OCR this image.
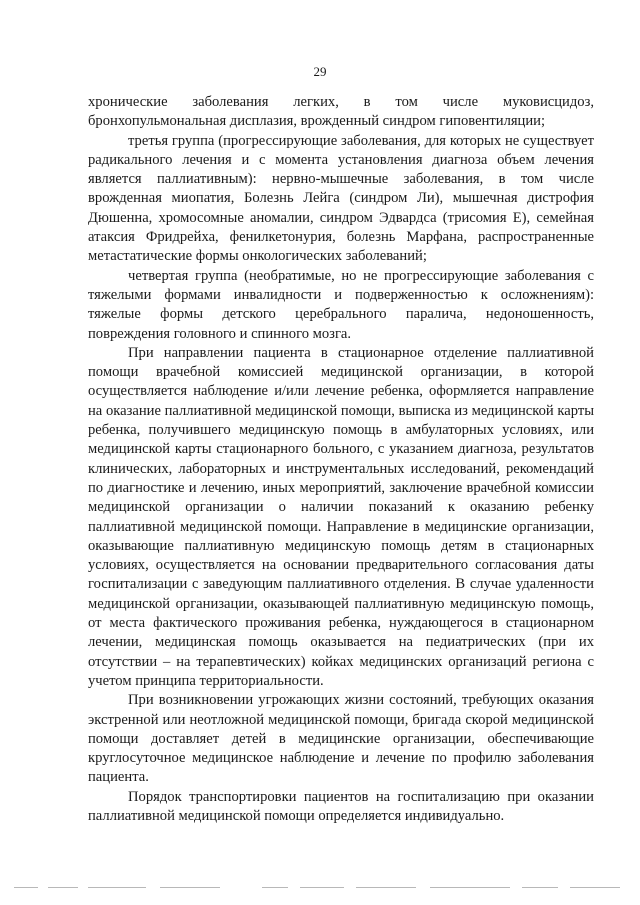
29

хронические заболевания легких, в том числе муковисцидоз, бронхопульмональная дисплазия, врожденный синдром гиповентиляции;

третья группа (прогрессирующие заболевания, для которых не существует радикального лечения и с момента установления диагноза объем лечения является паллиативным): нервно-мышечные заболевания, в том числе врожденная миопатия, Болезнь Лейга (синдром Ли), мышечная дистрофия Дюшенна, хромосомные аномалии, синдром Эдвардса (трисомия Е), семейная атаксия Фридрейха, фенилкетонурия, болезнь Марфана, распространенные метастатические формы онкологических заболеваний;

четвертая группа (необратимые, но не прогрессирующие заболевания с тяжелыми формами инвалидности и подверженностью к осложнениям): тяжелые формы детского церебрального паралича, недоношенность, повреждения головного и спинного мозга.

При направлении пациента в стационарное отделение паллиативной помощи врачебной комиссией медицинской организации, в которой осуществляется наблюдение и/или лечение ребенка, оформляется направление на оказание паллиативной медицинской помощи, выписка из медицинской карты ребенка, получившего медицинскую помощь в амбулаторных условиях, или медицинской карты стационарного больного, с указанием диагноза, результатов клинических, лабораторных и инструментальных исследований, рекомендаций по диагностике и лечению, иных мероприятий, заключение врачебной комиссии медицинской организации о наличии показаний к оказанию ребенку паллиативной медицинской помощи. Направление в медицинские организации, оказывающие паллиативную медицинскую помощь детям в стационарных условиях, осуществляется на основании предварительного согласования даты госпитализации с заведующим паллиативного отделения. В случае удаленности медицинской организации, оказывающей паллиативную медицинскую помощь, от места фактического проживания ребенка, нуждающегося в стационарном лечении, медицинская помощь оказывается на педиатрических (при их отсутствии – на терапевтических) койках медицинских организаций региона с учетом принципа территориальности.

При возникновении угрожающих жизни состояний, требующих оказания экстренной или неотложной медицинской помощи, бригада скорой медицинской помощи доставляет детей в медицинские организации, обеспечивающие круглосуточное медицинское наблюдение и лечение по профилю заболевания пациента.

Порядок транспортировки пациентов на госпитализацию при оказании паллиативной медицинской помощи определяется индивидуально.
